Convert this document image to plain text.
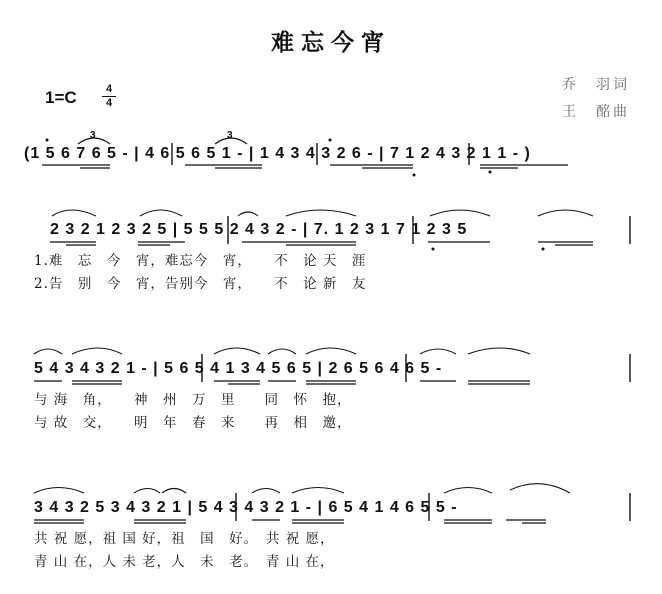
难忘今宵
1=C	4
4
乔　羽词
王　酩曲
(1 5 6 7 6 5 - | 4 6 5 6 5 1 - | 1 4 3 4 3 2 6 - | 7 1 2 4 3 2 1 1 - )
2 3 2 1 2 3 2 5 | 5 5 5 2 4 3 2 - | 7. 1 2 3 1 7 1 2 3 5
1.难　忘　今　宵，难忘今　宵，　　不　论 天　涯
2.告　别　今　宵，告别今　宵，　　不　论 新　友
5 4 3 4 3 2 1 - | 5 6 5 4 1 3 4 5 6 5 | 2 6 5 6 4 6 5 -
与 海　角，　　神　州　万　里　　同　怀　抱，
与 故　交，　　明　年　春　来　　再　相　邀，
3 4 3 2 5 3 4 3 2 1 | 5 4 3 4 3 2 1 - | 6 5 4 1 4 6 5 5 -
共 祝 愿，祖 国 好，祖　国　好。　共 祝 愿，
青 山 在，人 未 老，人　未　老。　青 山 在，
3	3
